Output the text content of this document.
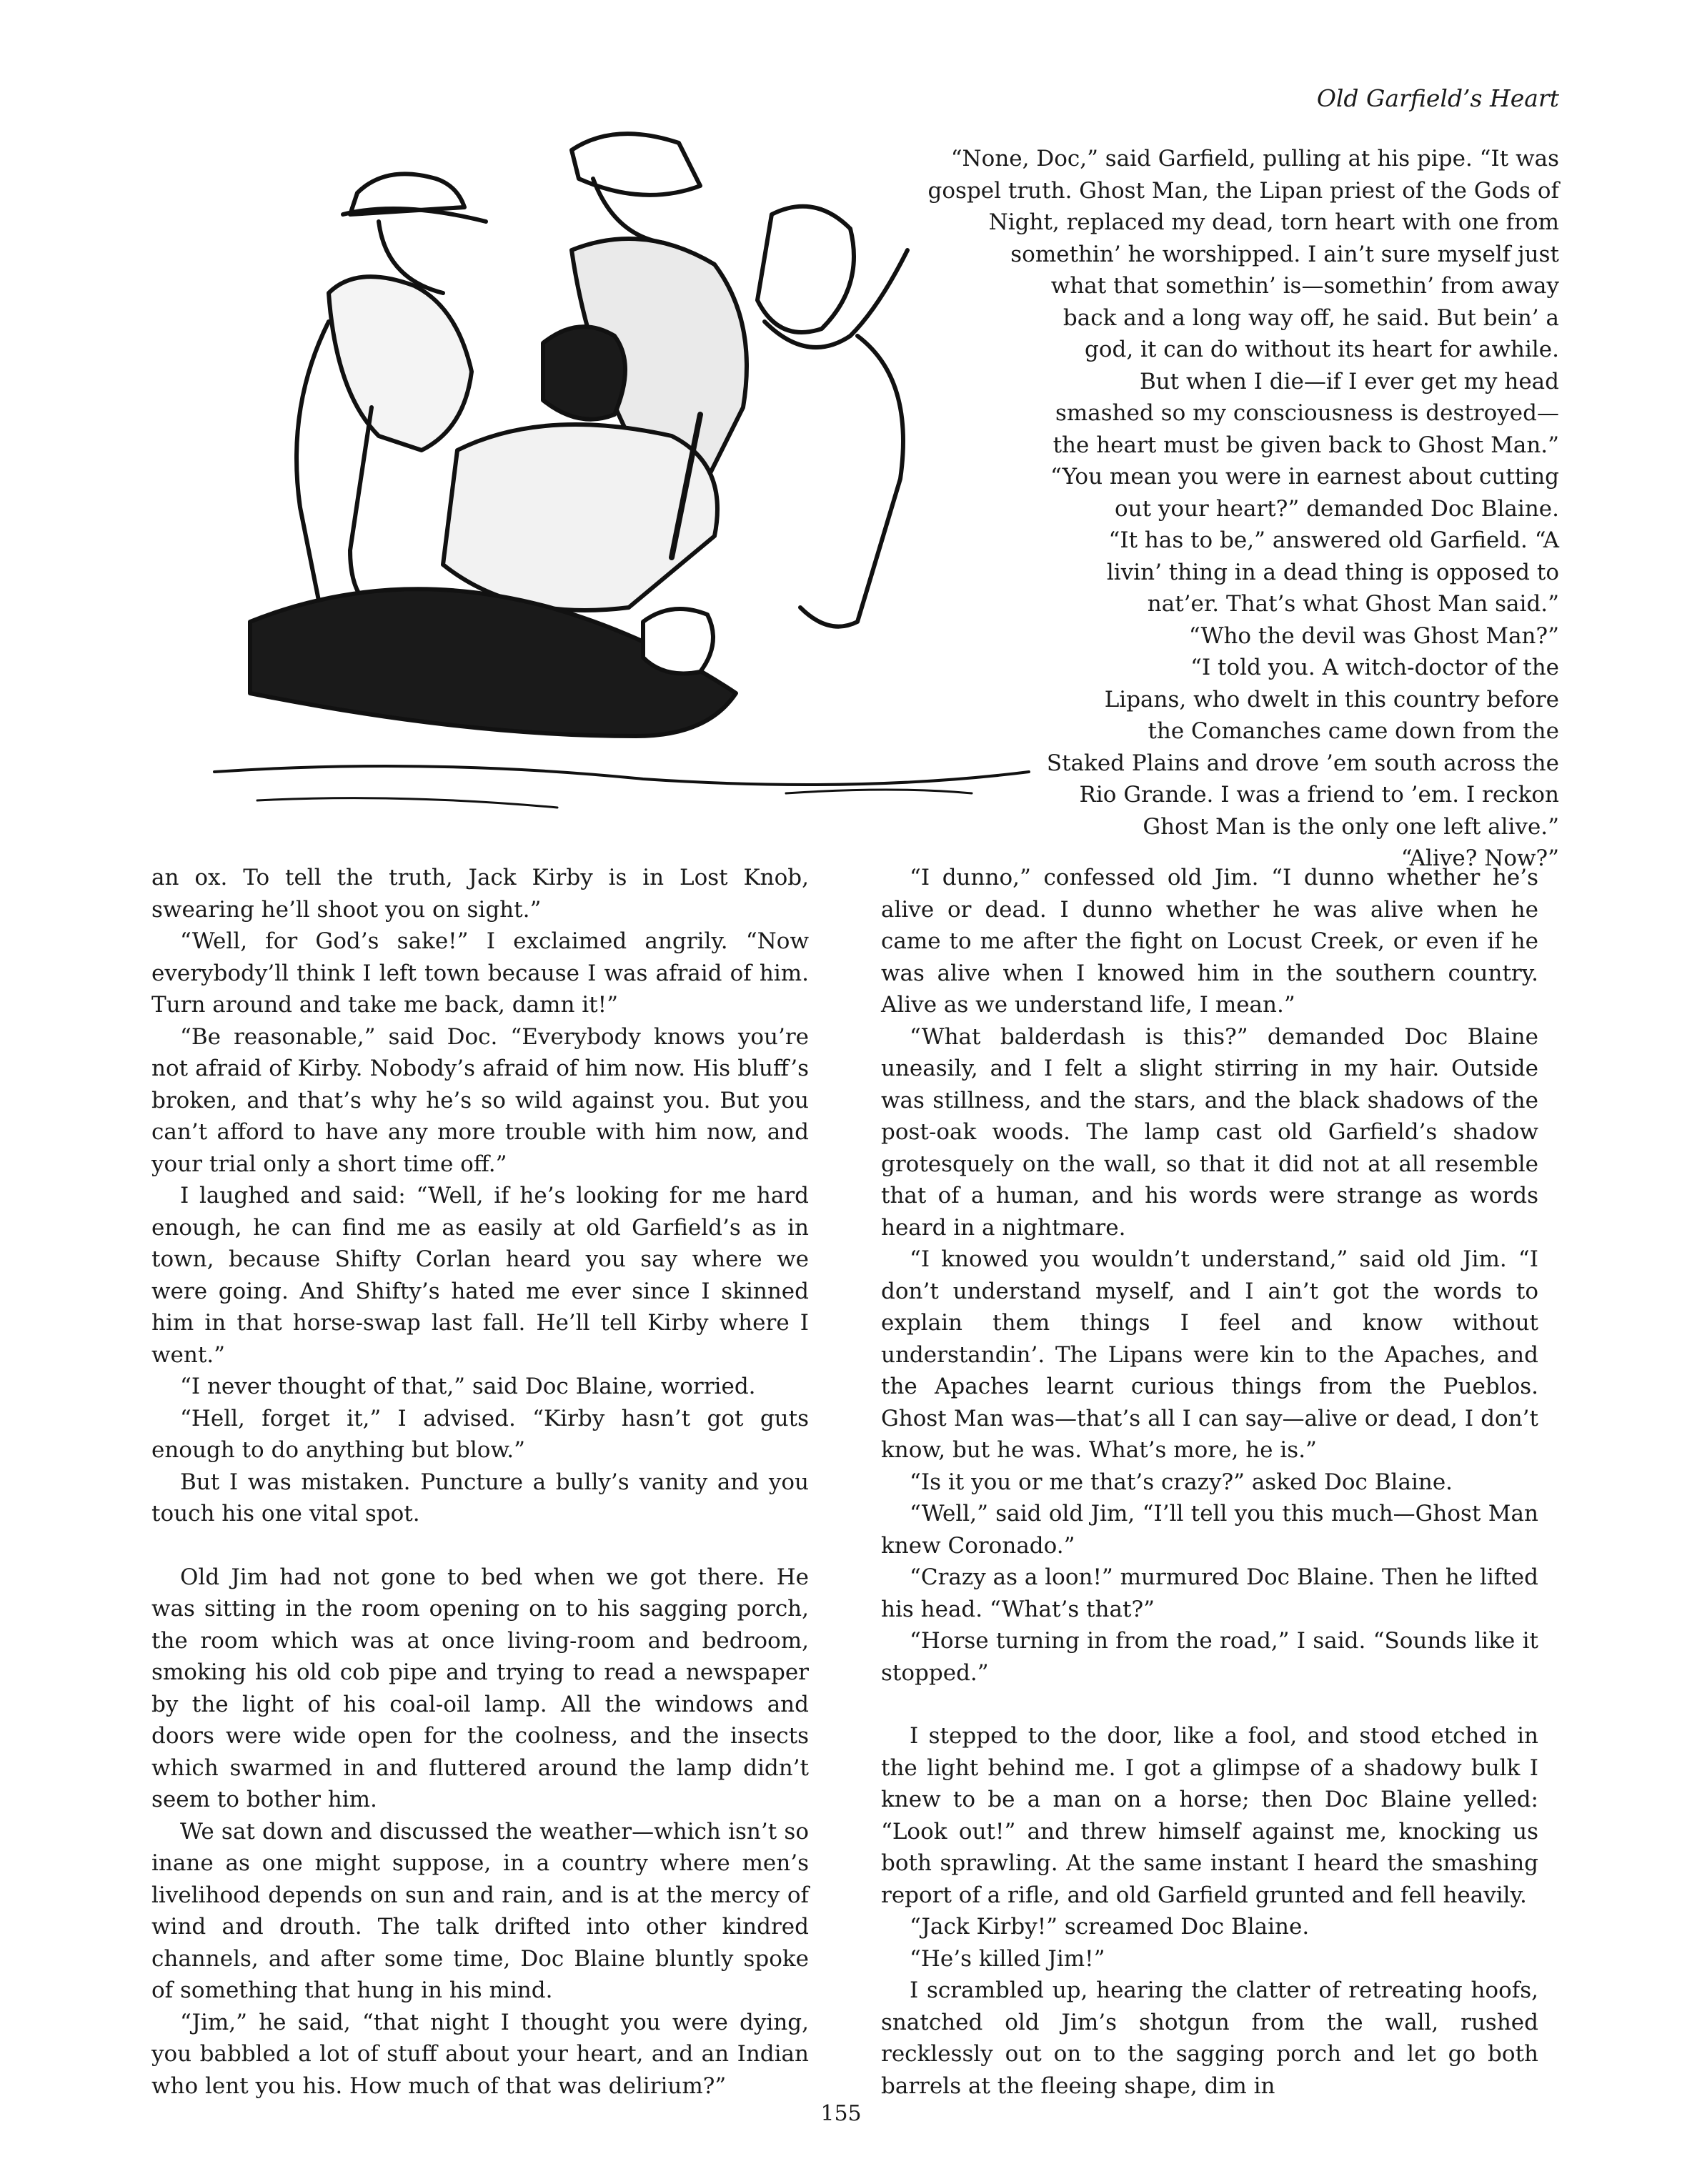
Old Garfield’s Heart

“None, Doc,” said Garfield, pulling at his pipe. “It was

gospel truth. Ghost Man, the Lipan priest of the Gods of

Night, replaced my dead, torn heart with one from

somethin’ he worshipped. I ain’t sure myself just

what that somethin’ is—somethin’ from away

back and a long way off, he said. But bein’ a

god, it can do without its heart for awhile.

But when I die—if I ever get my head

smashed so my consciousness is destroyed—

the heart must be given back to Ghost Man.”

“You mean you were in earnest about cutting

out your heart?” demanded Doc Blaine.

“It has to be,” answered old Garfield. “A

livin’ thing in a dead thing is opposed to

nat’er. That’s what Ghost Man said.”

“Who the devil was Ghost Man?”

“I told you. A witch-doctor of the

Lipans, who dwelt in this country before

the Comanches came down from the

Staked Plains and drove ’em south across the

Rio Grande. I was a friend to ’em. I reckon

Ghost Man is the only one left alive.”

“Alive? Now?”

an ox. To tell the truth, Jack Kirby is in Lost Knob, swearing he’ll shoot you on sight.”

“Well, for God’s sake!” I exclaimed angrily. “Now everybody’ll think I left town because I was afraid of him. Turn around and take me back, damn it!”

“Be reasonable,” said Doc. “Everybody knows you’re not afraid of Kirby. Nobody’s afraid of him now. His bluff’s broken, and that’s why he’s so wild against you. But you can’t afford to have any more trouble with him now, and your trial only a short time off.”

I laughed and said: “Well, if he’s looking for me hard enough, he can find me as easily at old Garfield’s as in town, because Shifty Corlan heard you say where we were going. And Shifty’s hated me ever since I skinned him in that horse-swap last fall. He’ll tell Kirby where I went.”

“I never thought of that,” said Doc Blaine, worried.

“Hell, forget it,” I advised. “Kirby hasn’t got guts enough to do anything but blow.”

But I was mistaken. Puncture a bully’s vanity and you touch his one vital spot.

Old Jim had not gone to bed when we got there. He was sitting in the room opening on to his sagging porch, the room which was at once living-room and bedroom, smoking his old cob pipe and trying to read a newspaper by the light of his coal-oil lamp. All the windows and doors were wide open for the coolness, and the insects which swarmed in and fluttered around the lamp didn’t seem to bother him.

We sat down and discussed the weather—which isn’t so inane as one might suppose, in a country where men’s livelihood depends on sun and rain, and is at the mercy of wind and drouth. The talk drifted into other kindred channels, and after some time, Doc Blaine bluntly spoke of something that hung in his mind.

“Jim,” he said, “that night I thought you were dying, you babbled a lot of stuff about your heart, and an Indian who lent you his. How much of that was delirium?”

“I dunno,” confessed old Jim. “I dunno whether he’s alive or dead. I dunno whether he was alive when he came to me after the fight on Locust Creek, or even if he was alive when I knowed him in the southern country. Alive as we understand life, I mean.”

“What balderdash is this?” demanded Doc Blaine uneasily, and I felt a slight stirring in my hair. Outside was stillness, and the stars, and the black shadows of the post-oak woods. The lamp cast old Garfield’s shadow grotesquely on the wall, so that it did not at all resemble that of a human, and his words were strange as words heard in a nightmare.

“I knowed you wouldn’t understand,” said old Jim. “I don’t understand myself, and I ain’t got the words to explain them things I feel and know without understandin’. The Lipans were kin to the Apaches, and the Apaches learnt curious things from the Pueblos. Ghost Man was—that’s all I can say—alive or dead, I don’t know, but he was. What’s more, he is.”

“Is it you or me that’s crazy?” asked Doc Blaine.

“Well,” said old Jim, “I’ll tell you this much—Ghost Man knew Coronado.”

“Crazy as a loon!” murmured Doc Blaine. Then he lifted his head. “What’s that?”

“Horse turning in from the road,” I said. “Sounds like it stopped.”

I stepped to the door, like a fool, and stood etched in the light behind me. I got a glimpse of a shadowy bulk I knew to be a man on a horse; then Doc Blaine yelled: “Look out!” and threw himself against me, knocking us both sprawling. At the same instant I heard the smashing report of a rifle, and old Garfield grunted and fell heavily.

“Jack Kirby!” screamed Doc Blaine.

“He’s killed Jim!”

I scrambled up, hearing the clatter of retreating hoofs, snatched old Jim’s shotgun from the wall, rushed recklessly out on to the sagging porch and let go both barrels at the fleeing shape, dim in

155
